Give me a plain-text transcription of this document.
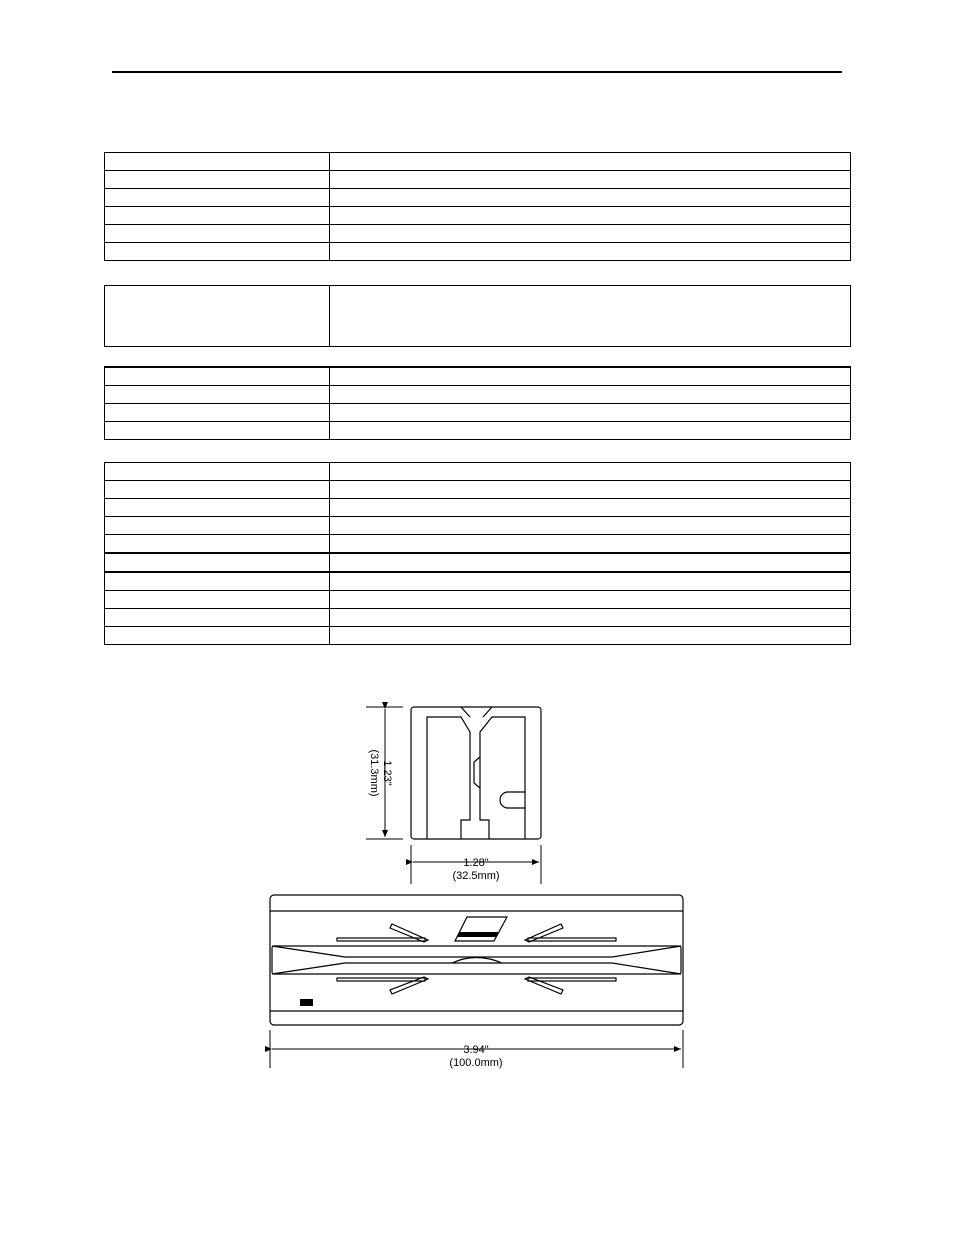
1.23"
(31.3mm)
1.28"
(32.5mm)
3.94"
(100.0mm)
